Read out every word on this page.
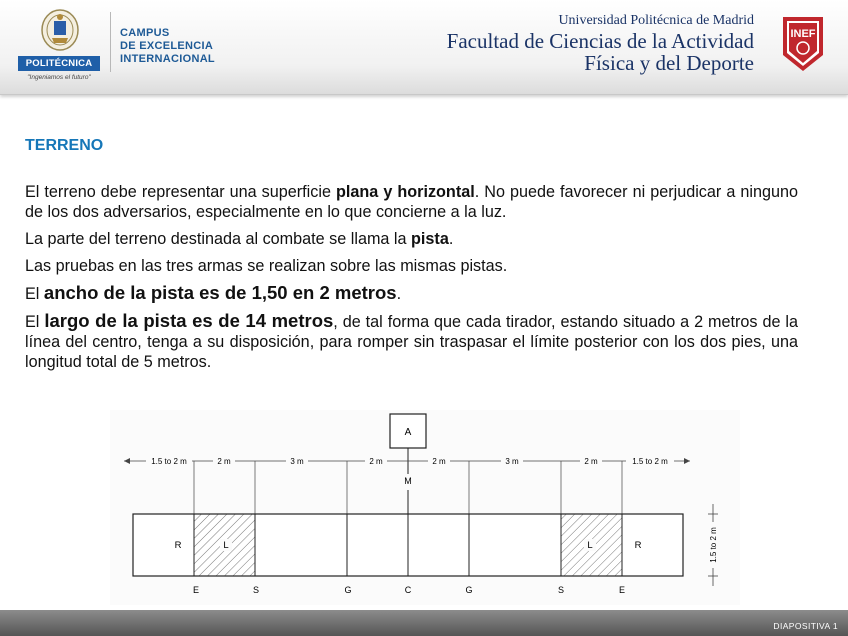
POLITÉCNICA
"Ingeniamos el futuro"
CAMPUS
DE EXCELENCIA
INTERNACIONAL
Universidad Politécnica de Madrid
Facultad de Ciencias de la Actividad
Física y del Deporte
INEF
TERRENO

El terreno debe representar una superficie plana y horizontal. No puede favorecer ni perjudicar a ninguno de los dos adversarios, especialmente en lo que concierne a la luz.

La parte del terreno destinada al combate se llama la pista.

Las pruebas en las tres armas se realizan sobre las mismas pistas.

El ancho de la pista es de 1,50 en 2 metros.

El largo de la pista es de 14 metros, de tal forma que cada tirador, estando situado a 2 metros de la línea del centro, tenga a su disposición, para romper sin traspasar el límite posterior con los dos pies, una longitud total de 5 metros.

A
M
1.5 to 2 m	2 m	3 m	2 m	2 m	3 m	2 m	1.5 to 2 m
R	L	L	R
E	S	G	C	G	S	E
1.5 to 2 m
DIAPOSITIVA 1
